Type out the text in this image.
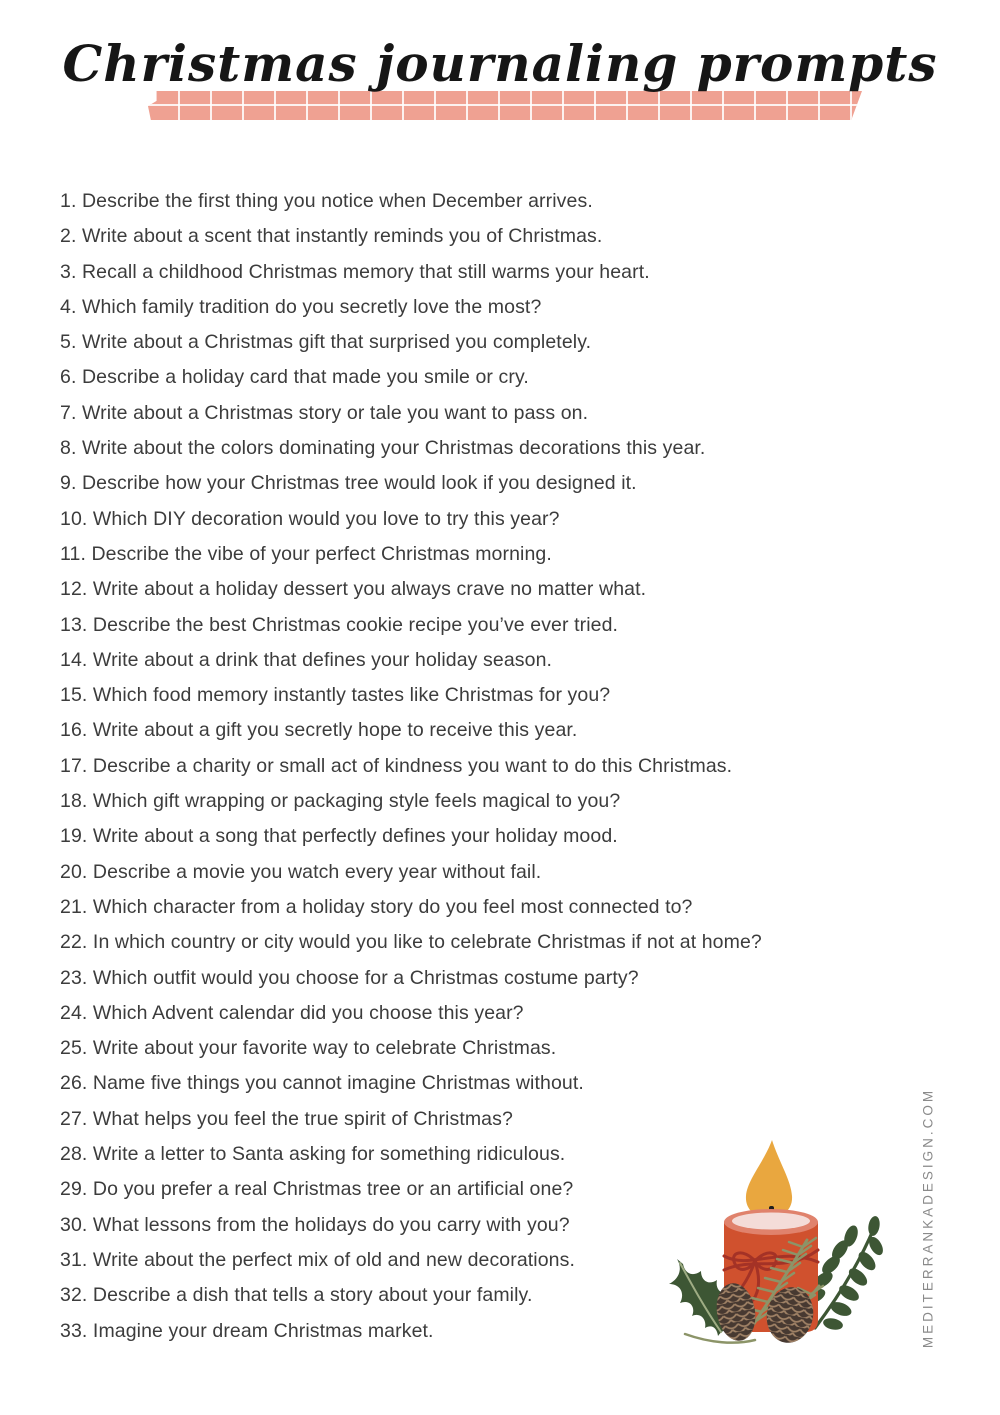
Christmas journaling prompts
1. Describe the first thing you notice when December arrives.
2. Write about a scent that instantly reminds you of Christmas.
3. Recall a childhood Christmas memory that still warms your heart.
4. Which family tradition do you secretly love the most?
5. Write about a Christmas gift that surprised you completely.
6. Describe a holiday card that made you smile or cry.
7. Write about a Christmas story or tale you want to pass on.
8. Write about the colors dominating your Christmas decorations this year.
9. Describe how your Christmas tree would look if you designed it.
10. Which DIY decoration would you love to try this year?
11. Describe the vibe of your perfect Christmas morning.
12. Write about a holiday dessert you always crave no matter what.
13. Describe the best Christmas cookie recipe you’ve ever tried.
14. Write about a drink that defines your holiday season.
15. Which food memory instantly tastes like Christmas for you?
16. Write about a gift you secretly hope to receive this year.
17. Describe a charity or small act of kindness you want to do this Christmas.
18. Which gift wrapping or packaging style feels magical to you?
19. Write about a song that perfectly defines your holiday mood.
20. Describe a movie you watch every year without fail.
21. Which character from a holiday story do you feel most connected to?
22. In which country or city would you like to celebrate Christmas if not at home?
23. Which outfit would you choose for a Christmas costume party?
24. Which Advent calendar did you choose this year?
25. Write about your favorite way to celebrate Christmas.
26. Name five things you cannot imagine Christmas without.
27. What helps you feel the true spirit of Christmas?
28. Write a letter to Santa asking for something ridiculous.
29. Do you prefer a real Christmas tree or an artificial one?
30. What lessons from the holidays do you carry with you?
31. Write about the perfect mix of old and new decorations.
32. Describe a dish that tells a story about your family.
33. Imagine your dream Christmas market.	MEDITERRANKADESIGN.COM
